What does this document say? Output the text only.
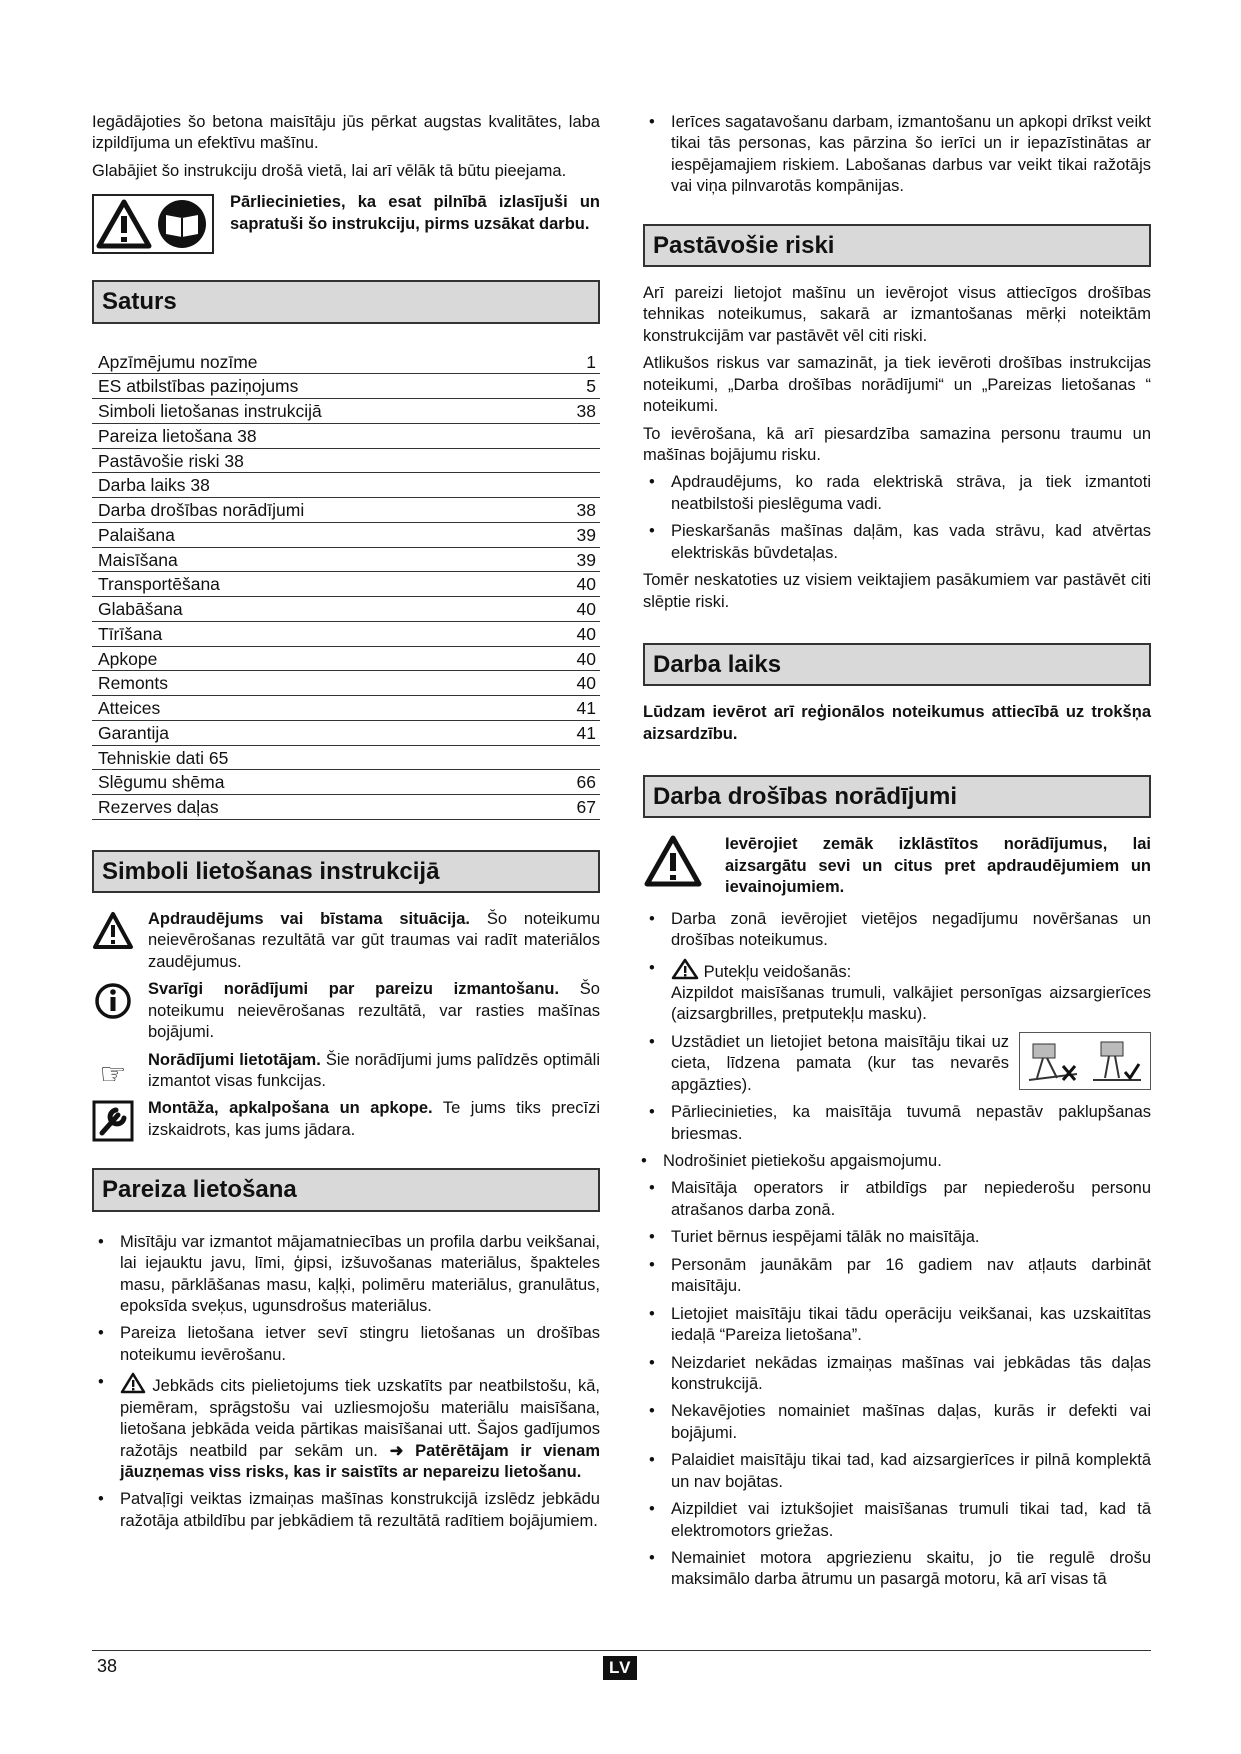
Iegādājoties šo betona maisītāju jūs pērkat augstas kvalitātes, laba izpildījuma un efektīvu mašīnu.

Glabājiet šo instrukciju drošā vietā, lai arī vēlāk tā būtu pieejama.

Pārliecinieties, ka esat pilnībā izlasījuši un sapratuši šo instrukciju, pirms uzsākat darbu.

Saturs
Apzīmējumu nozīme	1
ES atbilstības paziņojums	5
Simboli lietošanas instrukcijā	38
Pareiza lietošana 38	
Pastāvošie riski 38	
Darba laiks 38	
Darba drošības norādījumi	38
Palaišana	39
Maisīšana	39
Transportēšana	40
Glabāšana	40
Tīrīšana	40
Apkope	40
Remonts	40
Atteices	41
Garantija	41
Tehniskie dati 65	
Slēgumu shēma	66
Rezerves daļas	67
Simboli lietošanas instrukcijā
Apdraudējums vai bīstama situācija. Šo noteikumu neievērošanas rezultātā var gūt traumas vai radīt materiālos zaudējumus.
Svarīgi norādījumi par pareizu izmantošanu. Šo noteikumu neievērošanas rezultātā, var rasties mašīnas bojājumi.
☞ Norādījumi lietotājam. Šie norādījumi jums palīdzēs optimāli izmantot visas funkcijas.
Montāža, apkalpošana un apkope. Te jums tiks precīzi izskaidrots, kas jums jādara.
Pareiza lietošana
• Misītāju var izmantot mājamatniecības un profila darbu veikšanai, lai iejauktu javu, līmi, ģipsi, izšuvošanas materiālus, špakteles masu, pārklāšanas masu, kaļķi, polimēru materiālus, granulātus, epoksīda sveķus, ugunsdrošus materiālus.
• Pareiza lietošana ietver sevī stingru lietošanas un drošības noteikumu ievērošanu.
• Jebkāds cits pielietojums tiek uzskatīts par neatbilstošu, kā, piemēram, sprāgstošu vai uzliesmojošu materiālu maisīšana, lietošana jebkāda veida pārtikas maisīšanai utt. Šajos gadījumos ražotājs neatbild par sekām un. ➜ Patērētājam ir vienam jāuzņemas viss risks, kas ir saistīts ar nepareizu lietošanu.
• Patvaļīgi veiktas izmaiņas mašīnas konstrukcijā izslēdz jebkādu ražotāja atbildību par jebkādiem tā rezultātā radītiem bojājumiem.
• Ierīces sagatavošanu darbam, izmantošanu un apkopi drīkst veikt tikai tās personas, kas pārzina šo ierīci un ir iepazīstinātas ar iespējamajiem riskiem. Labošanas darbus var veikt tikai ražotājs vai viņa pilnvarotās kompānijas.
Pastāvošie riski

Arī pareizi lietojot mašīnu un ievērojot visus attiecīgos drošības tehnikas noteikumus, sakarā ar izmantošanas mērķi noteiktām konstrukcijām var pastāvēt vēl citi riski.

Atlikušos riskus var samazināt, ja tiek ievēroti drošības instrukcijas noteikumi, „Darba drošības norādījumi“ un „Pareizas lietošanas “ noteikumi.

To ievērošana, kā arī piesardzība samazina personu traumu un mašīnas bojājumu risku.

• Apdraudējums, ko rada elektriskā strāva, ja tiek izmantoti neatbilstoši pieslēguma vadi.
• Pieskaršanās mašīnas daļām, kas vada strāvu, kad atvērtas elektriskās būvdetaļas.

Tomēr neskatoties uz visiem veiktajiem pasākumiem var pastāvēt citi slēptie riski.

Darba laiks

Lūdzam ievērot arī reģionālos noteikumus attiecībā uz trokšņa aizsardzību.

Darba drošības norādījumi

Ievērojiet zemāk izklāstītos norādījumus, lai aizsargātu sevi un citus pret apdraudējumiem un ievainojumiem.

• Darba zonā ievērojiet vietējos negadījumu novēršanas un drošības noteikumus.
• Putekļu veidošanās:
Aizpildot maisīšanas trumuli, valkājiet personīgas aizsargierīces (aizsargbrilles, pretputekļu masku).
• Uzstādiet un lietojiet betona maisītāju tikai uz cieta, līdzena pamata (kur tas nevarēs apgāzties).
• Pārliecinieties, ka maisītāja tuvumā nepastāv paklupšanas briesmas.
• Nodrošiniet pietiekošu apgaismojumu.
• Maisītāja operators ir atbildīgs par nepiederošu personu atrašanos darba zonā.
• Turiet bērnus iespējami tālāk no maisītāja.
• Personām jaunākām par 16 gadiem nav atļauts darbināt maisītāju.
• Lietojiet maisītāju tikai tādu operāciju veikšanai, kas uzskaitītas iedaļā “Pareiza lietošana”.
• Neizdariet nekādas izmaiņas mašīnas vai jebkādas tās daļas konstrukcijā.
• Nekavējoties nomainiet mašīnas daļas, kurās ir defekti vai bojājumi.
• Palaidiet maisītāju tikai tad, kad aizsargierīces ir pilnā komplektā un nav bojātas.
• Aizpildiet vai iztukšojiet maisīšanas trumuli tikai tad, kad tā elektromotors griežas.
• Nemainiet motora apgriezienu skaitu, jo tie regulē drošu maksimālo darba ātrumu un pasargā motoru, kā arī visas tā
38	LV
